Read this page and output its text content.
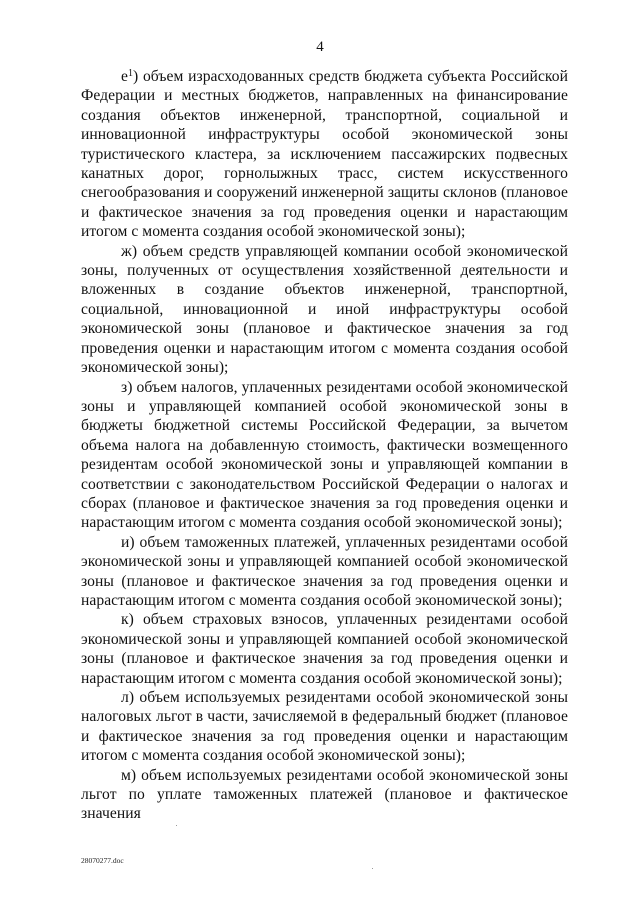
4

$е^1$) объем израсходованных средств бюджета субъекта Российской Федерации и местных бюджетов, направленных на финансирование создания объектов инженерной, транспортной, социальной и инновационной инфраструктуры особой экономической зоны туристического кластера, за исключением пассажирских подвесных канатных дорог, горнолыжных трасс, систем искусственного снегообразования и сооружений инженерной защиты склонов (плановое и фактическое значения за год проведения оценки и нарастающим итогом с момента создания особой экономической зоны);

ж) объем средств управляющей компании особой экономической зоны, полученных от осуществления хозяйственной деятельности и вложенных в создание объектов инженерной, транспортной, социальной, инновационной и иной инфраструктуры особой экономической зоны (плановое и фактическое значения за год проведения оценки и нарастающим итогом с момента создания особой экономической зоны);

з) объем налогов, уплаченных резидентами особой экономической зоны и управляющей компанией особой экономической зоны в бюджеты бюджетной системы Российской Федерации, за вычетом объема налога на добавленную стоимость, фактически возмещенного резидентам особой экономической зоны и управляющей компании в соответствии с законодательством Российской Федерации о налогах и сборах (плановое и фактическое значения за год проведения оценки и нарастающим итогом с момента создания особой экономической зоны);

и) объем таможенных платежей, уплаченных резидентами особой экономической зоны и управляющей компанией особой экономической зоны (плановое и фактическое значения за год проведения оценки и нарастающим итогом с момента создания особой экономической зоны);

к) объем страховых взносов, уплаченных резидентами особой экономической зоны и управляющей компанией особой экономической зоны (плановое и фактическое значения за год проведения оценки и нарастающим итогом с момента создания особой экономической зоны);

л) объем используемых резидентами особой экономической зоны налоговых льгот в части, зачисляемой в федеральный бюджет (плановое и фактическое значения за год проведения оценки и нарастающим итогом с момента создания особой экономической зоны);

м) объем используемых резидентами особой экономической зоны льгот по уплате таможенных платежей (плановое и фактическое значения

28070277.doc
